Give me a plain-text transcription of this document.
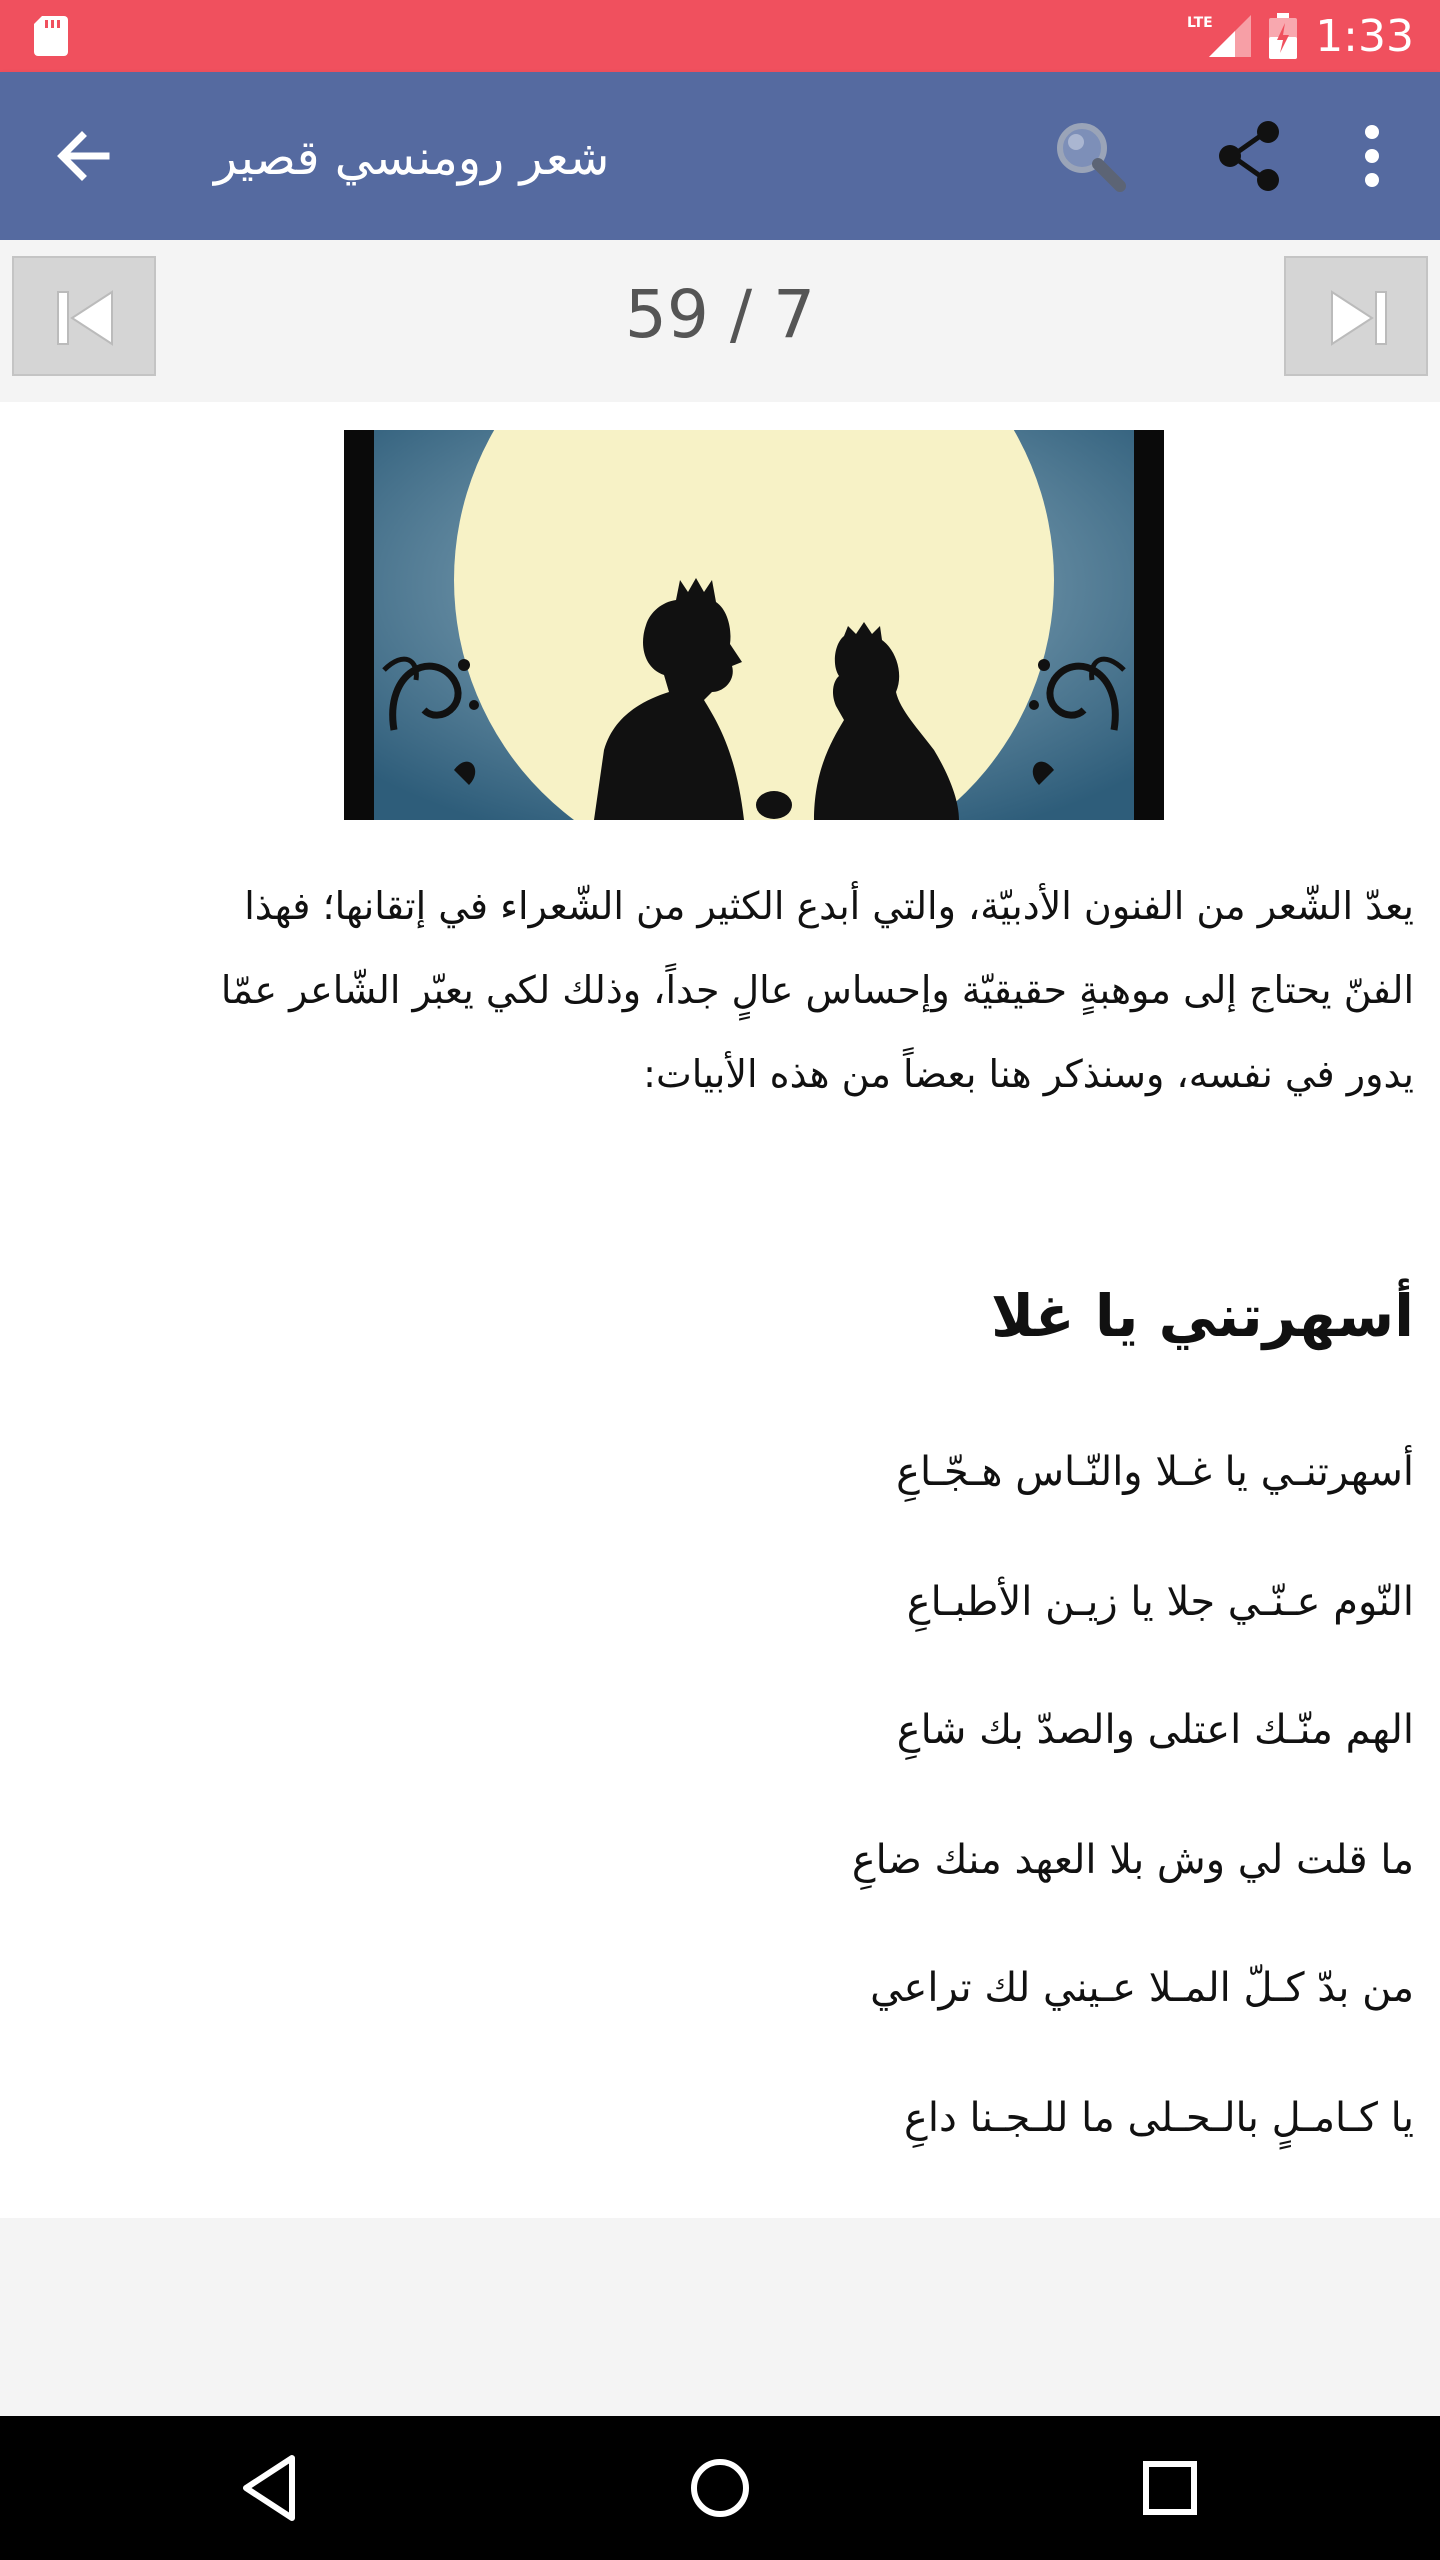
LTE 1:33
شعر رومنسي قصير
59 / 7
يعدّ الشّعر من الفنون الأدبيّة، والتي أبدع الكثير من الشّعراء في إتقانها؛ فهذا
الفنّ يحتاج إلى موهبةٍ حقيقيّة وإحساس عالٍ جداً، وذلك لكي يعبّر الشّاعر عمّا
يدور في نفسه، وسنذكر هنا بعضاً من هذه الأبيات:
أسهرتني يا غلا
أسهرتنـي يا غـلا والنّـاس هـجّـاعِ
النّوم عـنّـي جلا يا زيـن الأطبـاعِ
الهم منّـك اعتلى والصدّ بك شاعِ
ما قلت لي وش بلا العهد منك ضاعِ
من بدّ كـلّ المـلا عـيني لك تراعي
يا كـامـلٍ بالـحـلى ما للـجـنا داعِ
